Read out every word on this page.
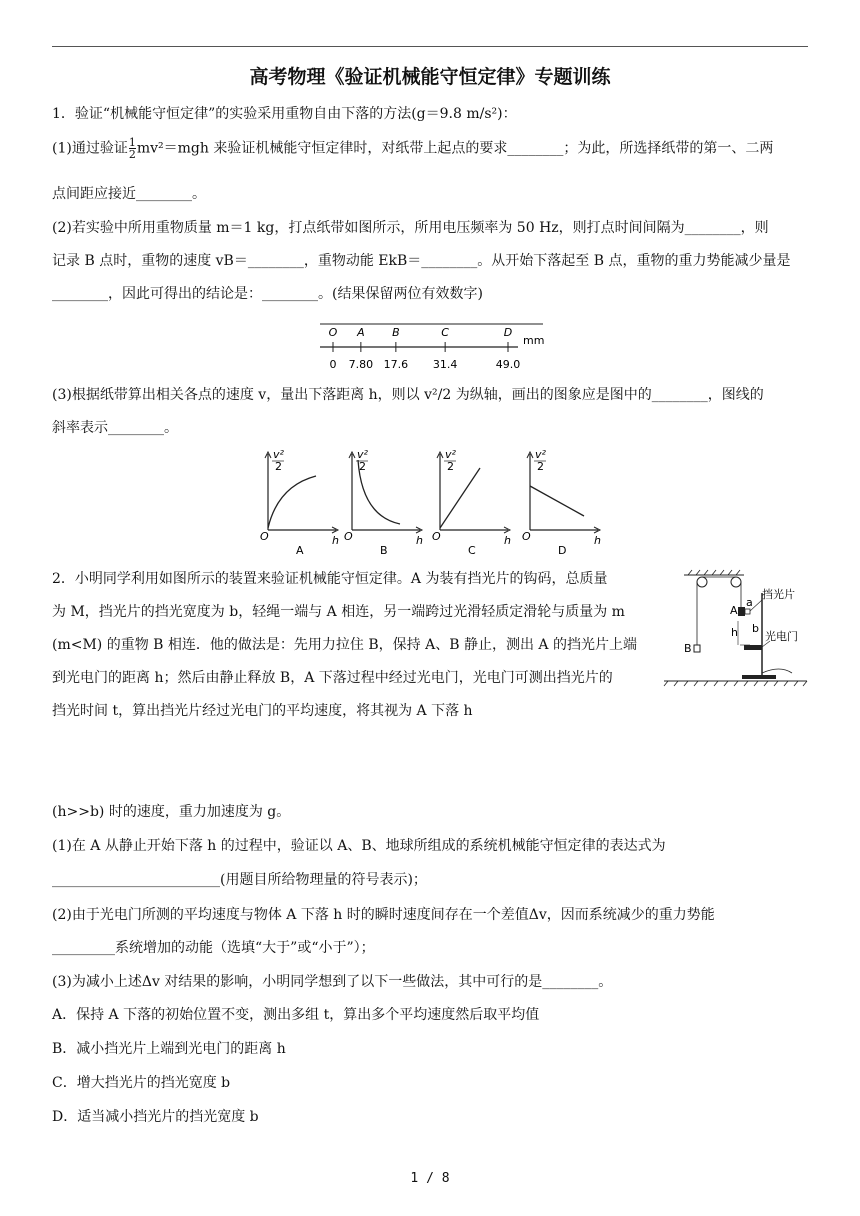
高考物理《验证机械能守恒定律》专题训练
1．验证“机械能守恒定律”的实验采用重物自由下落的方法(g＝9.8 m/s²)：
(1)通过验证 $\frac{1}{2} mv^2=mgh$ 来验证机械能守恒定律时，对纸带上起点的要求________；为此，所选择纸带的第一、二两
点间距应接近________。
(2)若实验中所用重物质量 m＝1 kg，打点纸带如图所示，所用电压频率为 50 Hz，则打点时间间隔为________，则
记录 B 点时，重物的速度 vB＝________，重物动能 EkB＝________。从开始下落起至 B 点，重物的重力势能减少量是
________，因此可得出的结论是：________。(结果保留两位有效数字)
O
0
A
7.80
B
17.6
C
31.4
D
49.0
mm
(3)根据纸带算出相关各点的速度 v，量出下落距离 h，则以 v²/2 为纵轴，画出的图象应是图中的________，图线的
斜率表示________。
v²
2
O	h
A
v²
2
O	h
B
v²
2
O	h
C
v²
2
O	h
D
2．小明同学利用如图所示的装置来验证机械能守恒定律。A 为装有挡光片的钩码，总质量
为 M，挡光片的挡光宽度为 b，轻绳一端与 A 相连，另一端跨过光滑轻质定滑轮与质量为 m
(m<M) 的重物 B 相连．他的做法是：先用力拉住 B，保持 A、B 静止，测出 A 的挡光片上端
到光电门的距离 h；然后由静止释放 B，A 下落过程中经过光电门，光电门可测出挡光片的
挡光时间 t，算出挡光片经过光电门的平均速度，将其视为 A 下落 h
B
A
a
h b
挡光片
光电门
(h>>b) 时的速度，重力加速度为 g。
(1)在 A 从静止开始下落 h 的过程中，验证以 A、B、地球所组成的系统机械能守恒定律的表达式为
________________________(用题目所给物理量的符号表示)；
(2)由于光电门所测的平均速度与物体 A 下落 h 时的瞬时速度间存在一个差值Δv，因而系统减少的重力势能
_________系统增加的动能（选填“大于”或“小于”）；
(3)为减小上述Δv 对结果的影响，小明同学想到了以下一些做法，其中可行的是________。
A．保持 A 下落的初始位置不变，测出多组 t，算出多个平均速度然后取平均值
B．减小挡光片上端到光电门的距离 h
C．增大挡光片的挡光宽度 b
D．适当减小挡光片的挡光宽度 b
1 / 8
